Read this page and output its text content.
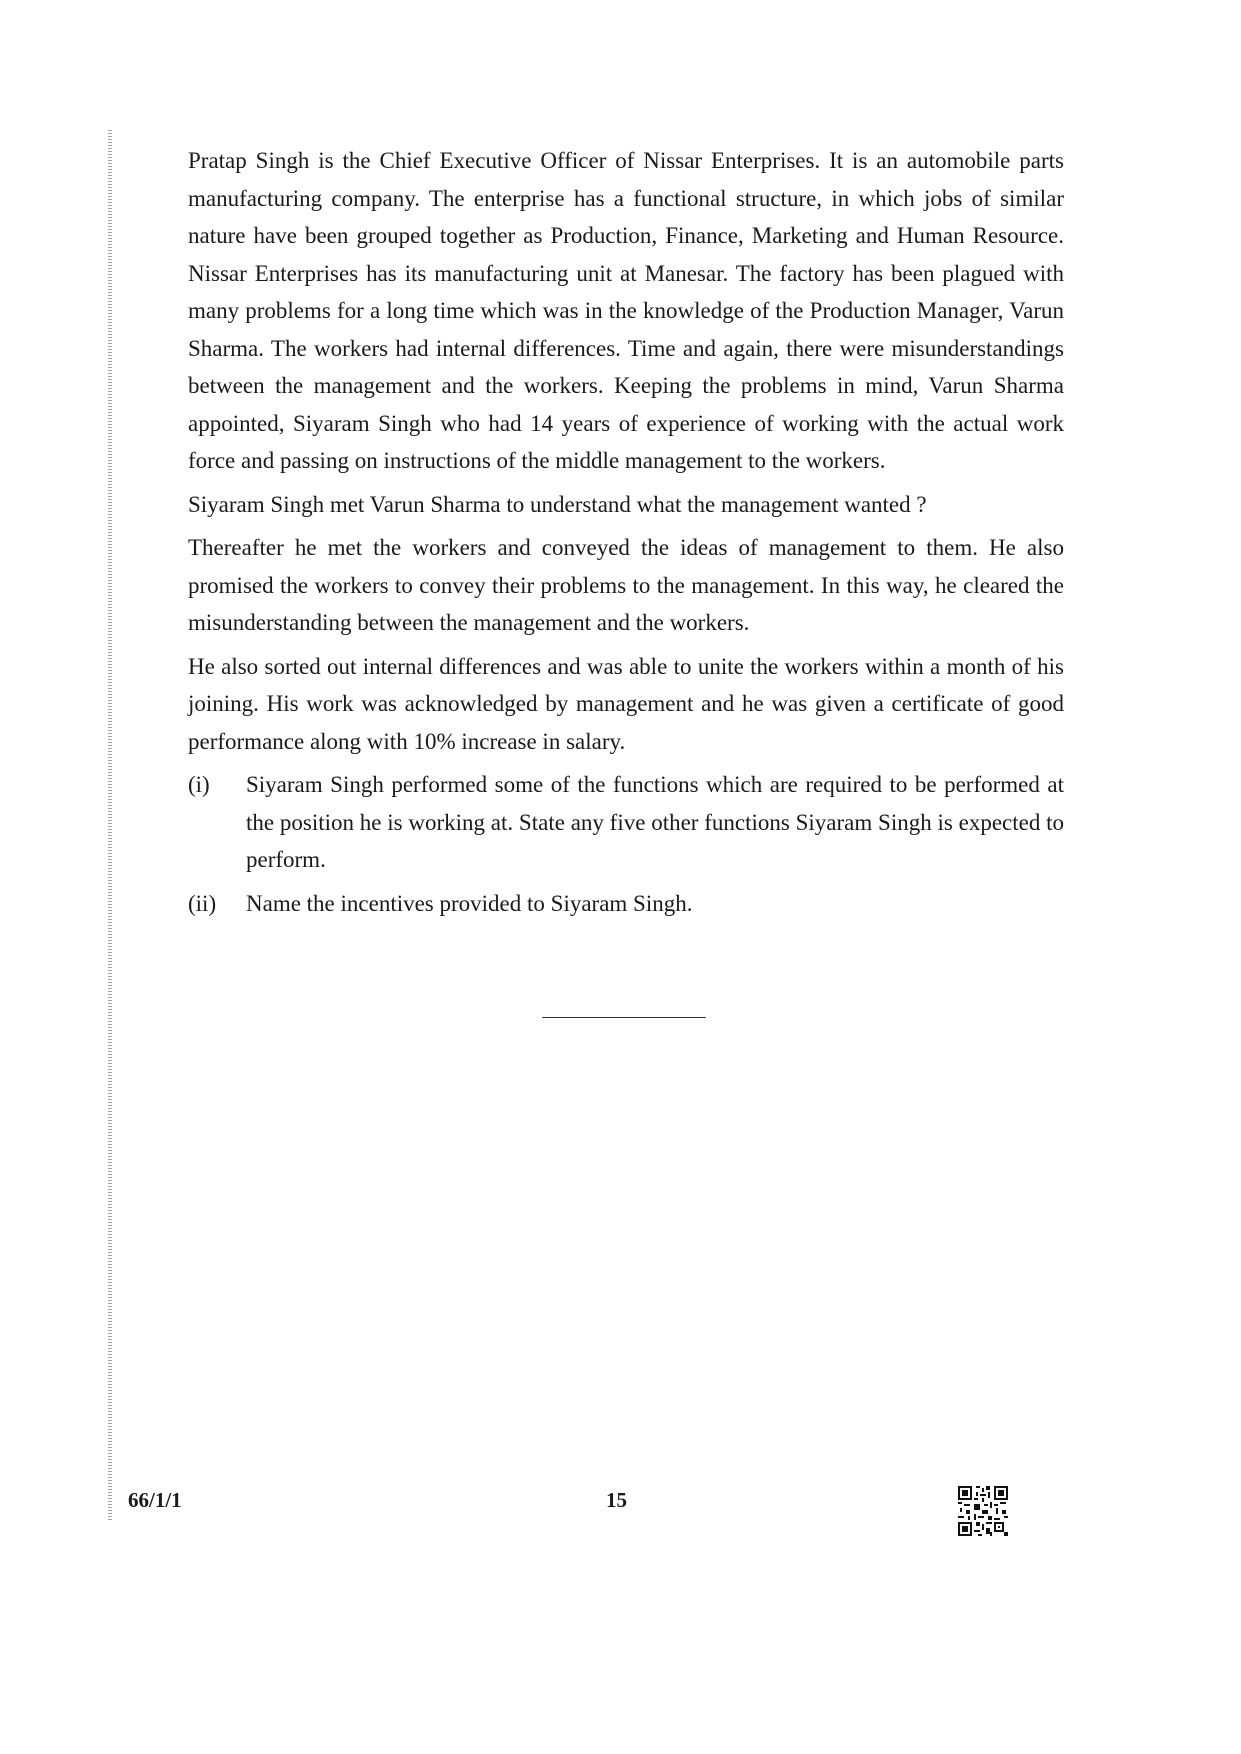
Pratap Singh is the Chief Executive Officer of Nissar Enterprises. It is an automobile parts manufacturing company. The enterprise has a functional structure, in which jobs of similar nature have been grouped together as Production, Finance, Marketing and Human Resource. Nissar Enterprises has its manufacturing unit at Manesar. The factory has been plagued with many problems for a long time which was in the knowledge of the Production Manager, Varun Sharma. The workers had internal differences. Time and again, there were misunderstandings between the management and the workers. Keeping the problems in mind, Varun Sharma appointed, Siyaram Singh who had 14 years of experience of working with the actual work force and passing on instructions of the middle management to the workers.

Siyaram Singh met Varun Sharma to understand what the management wanted ?

Thereafter he met the workers and conveyed the ideas of management to them. He also promised the workers to convey their problems to the management. In this way, he cleared the misunderstanding between the management and the workers.

He also sorted out internal differences and was able to unite the workers within a month of his joining. His work was acknowledged by management and he was given a certificate of good performance along with 10% increase in salary.

(i)	Siyaram Singh performed some of the functions which are required to be performed at the position he is working at. State any five other functions Siyaram Singh is expected to perform.
(ii)	Name the incentives provided to Siyaram Singh.
66/1/1	15
